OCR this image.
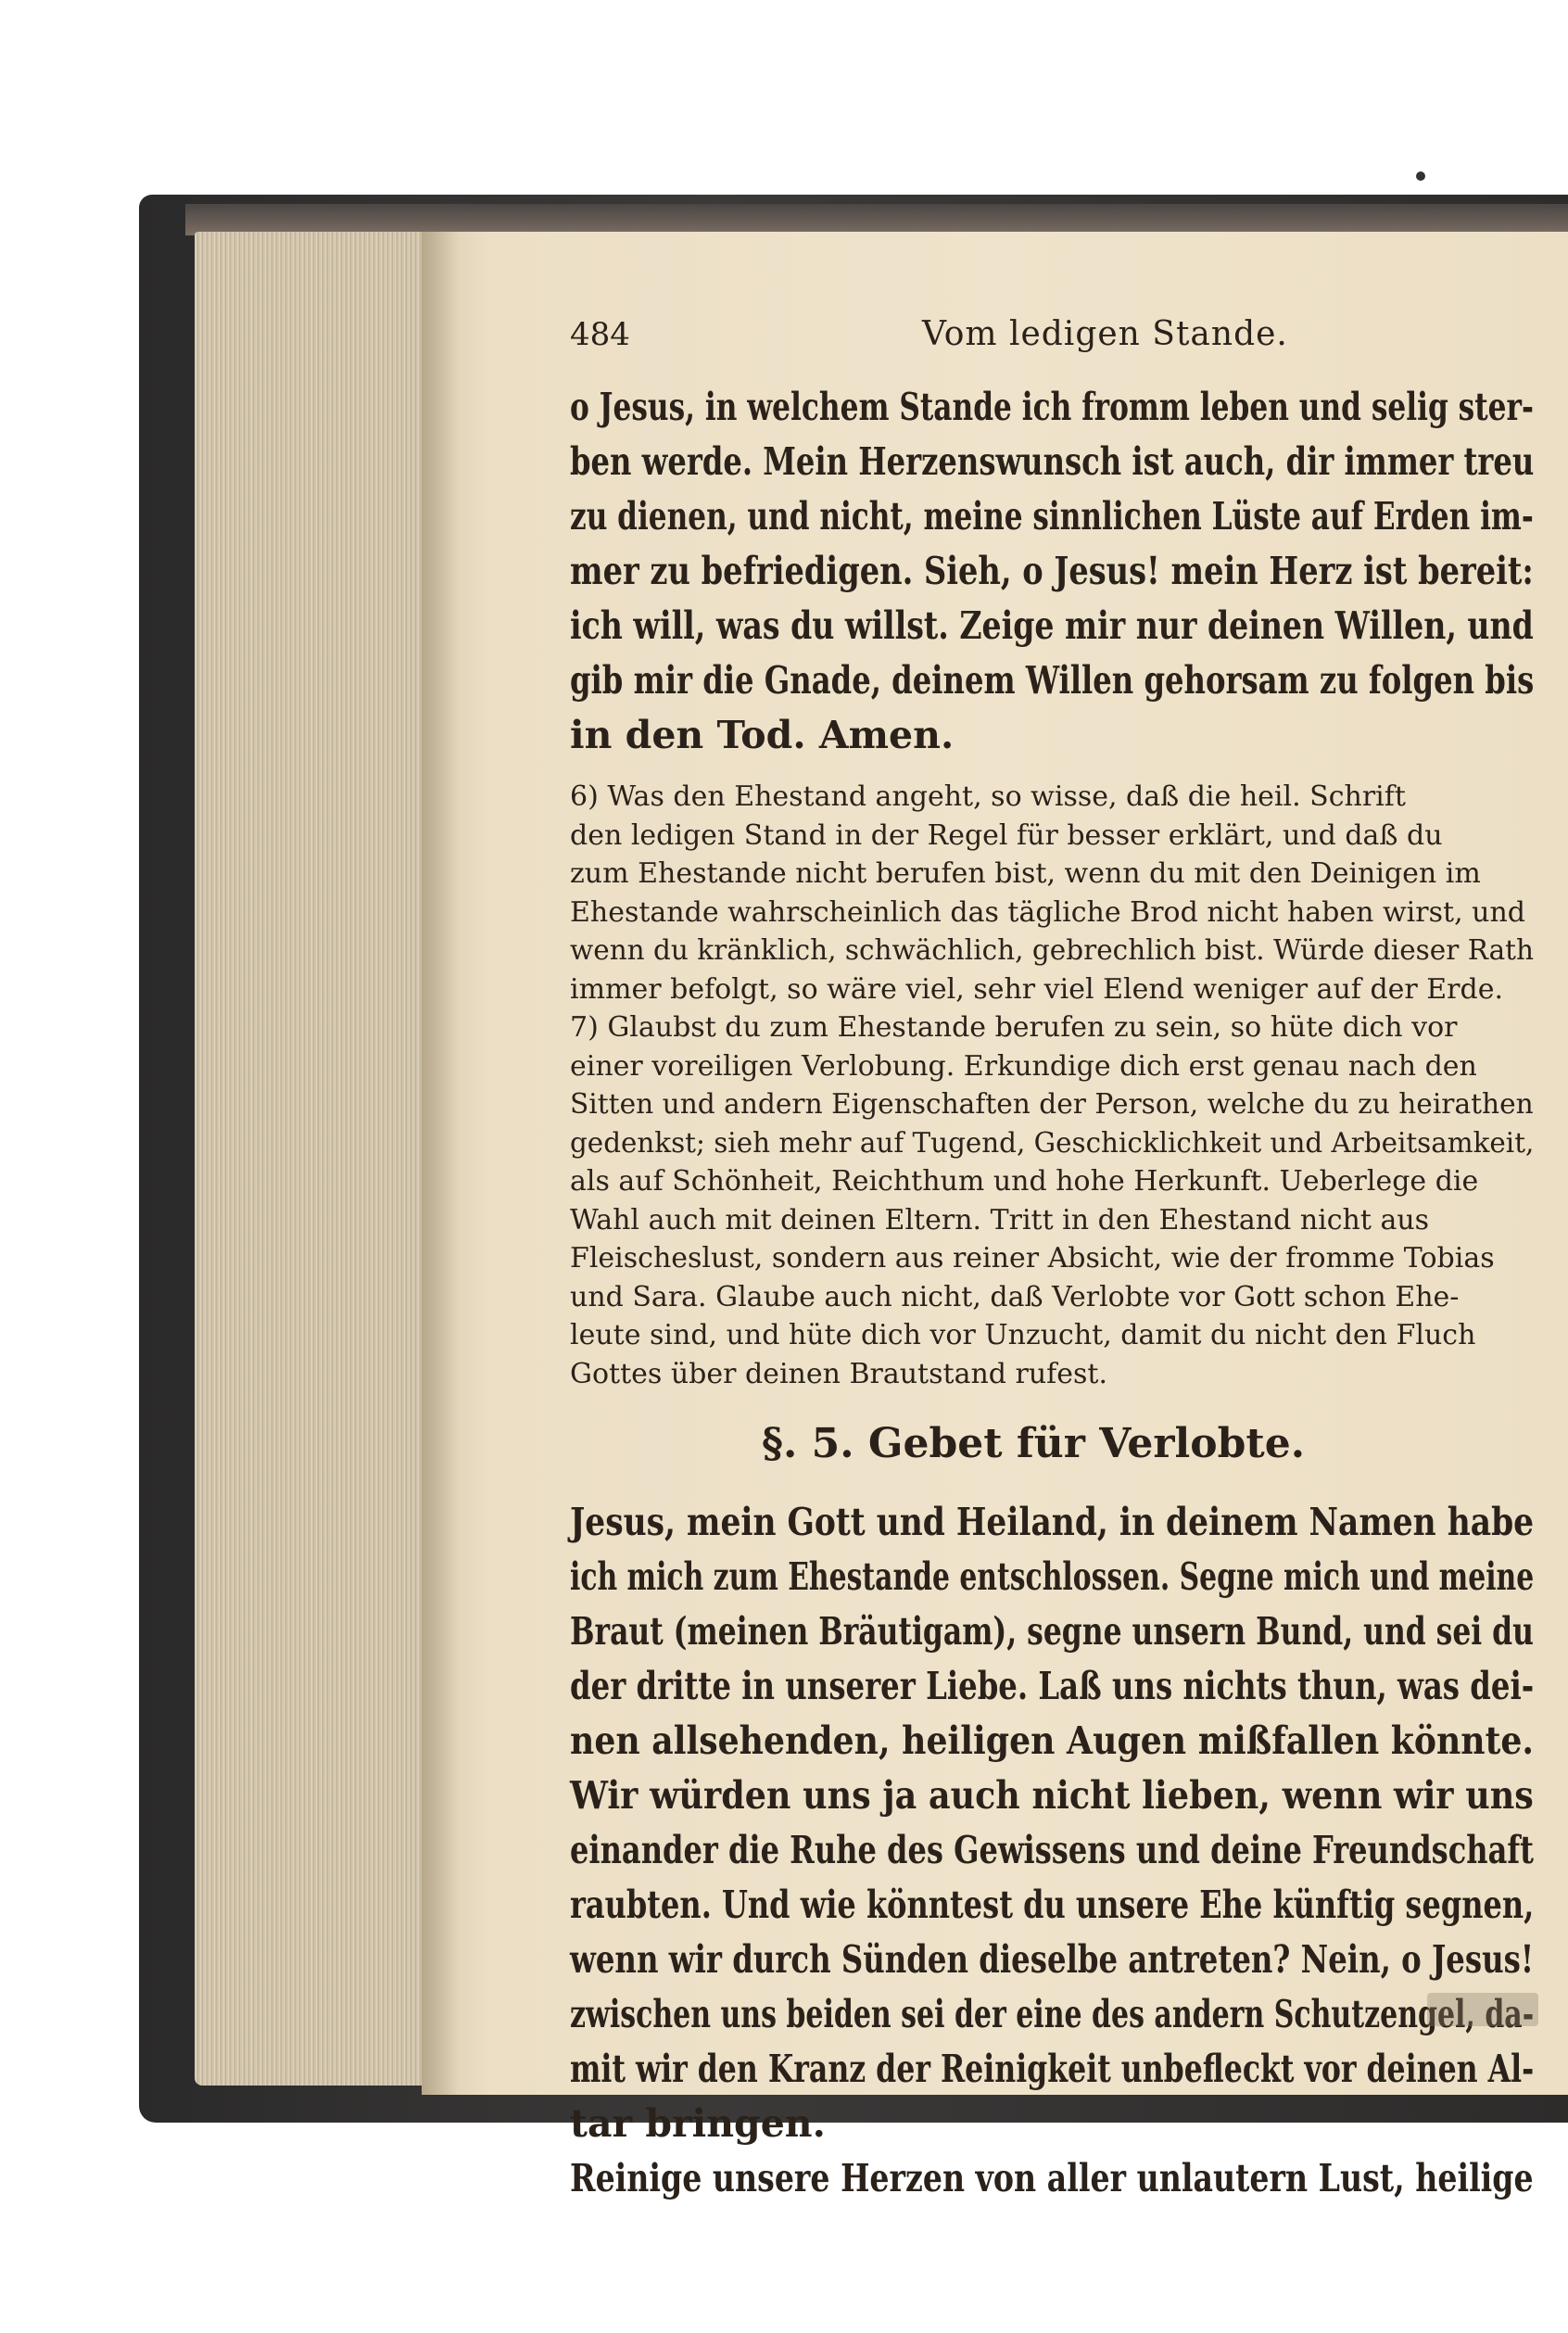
484	Vom ledigen Stande.

o Jesus, in welchem Stande ich fromm leben und selig ster-
ben werde. Mein Herzenswunsch ist auch, dir immer treu
zu dienen, und nicht, meine sinnlichen Lüste auf Erden im-
mer zu befriedigen. Sieh, o Jesus! mein Herz ist bereit:
ich will, was du willst. Zeige mir nur deinen Willen, und
gib mir die Gnade, deinem Willen gehorsam zu folgen bis
in den Tod. Amen.

6) Was den Ehestand angeht, so wisse, daß die heil. Schrift
den ledigen Stand in der Regel für besser erklärt, und daß du
zum Ehestande nicht berufen bist, wenn du mit den Deinigen im
Ehestande wahrscheinlich das tägliche Brod nicht haben wirst, und
wenn du kränklich, schwächlich, gebrechlich bist. Würde dieser Rath
immer befolgt, so wäre viel, sehr viel Elend weniger auf der Erde.
7) Glaubst du zum Ehestande berufen zu sein, so hüte dich vor
einer voreiligen Verlobung. Erkundige dich erst genau nach den
Sitten und andern Eigenschaften der Person, welche du zu heirathen
gedenkst; sieh mehr auf Tugend, Geschicklichkeit und Arbeitsamkeit,
als auf Schönheit, Reichthum und hohe Herkunft. Ueberlege die
Wahl auch mit deinen Eltern. Tritt in den Ehestand nicht aus
Fleischeslust, sondern aus reiner Absicht, wie der fromme Tobias
und Sara. Glaube auch nicht, daß Verlobte vor Gott schon Ehe-
leute sind, und hüte dich vor Unzucht, damit du nicht den Fluch
Gottes über deinen Brautstand rufest.

§. 5. Gebet für Verlobte.

Jesus, mein Gott und Heiland, in deinem Namen habe
ich mich zum Ehestande entschlossen. Segne mich und meine
Braut (meinen Bräutigam), segne unsern Bund, und sei du
der dritte in unserer Liebe. Laß uns nichts thun, was dei-
nen allsehenden, heiligen Augen mißfallen könnte.
Wir würden uns ja auch nicht lieben, wenn wir uns
einander die Ruhe des Gewissens und deine Freundschaft
raubten. Und wie könntest du unsere Ehe künftig segnen,
wenn wir durch Sünden dieselbe antreten? Nein, o Jesus!
zwischen uns beiden sei der eine des andern Schutzengel, da-
mit wir den Kranz der Reinigkeit unbefleckt vor deinen Al-
tar bringen.
Reinige unsere Herzen von aller unlautern Lust, heilige
